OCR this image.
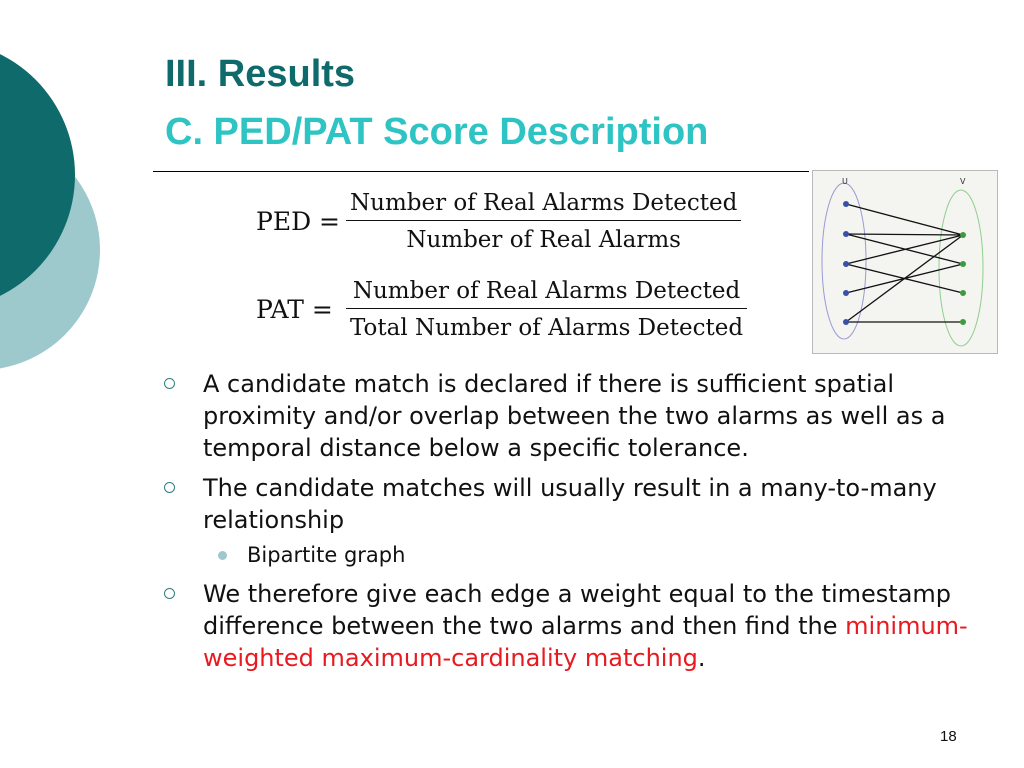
III. Results
C. PED/PAT Score Description
PED = $\frac{\text{Number of Real Alarms Detected}}{\text{Number of Real Alarms}}$
PAT = $\frac{\text{Number of Real Alarms Detected}}{\text{Total Number of Alarms Detected}}$
U	V
A candidate match is declared if there is sufficient spatial proximity and/or overlap between the two alarms as well as a temporal distance below a specific tolerance.
The candidate matches will usually result in a many-to-many relationship
Bipartite graph
We therefore give each edge a weight equal to the timestamp difference between the two alarms and then find the minimum-weighted maximum-cardinality matching.
18
